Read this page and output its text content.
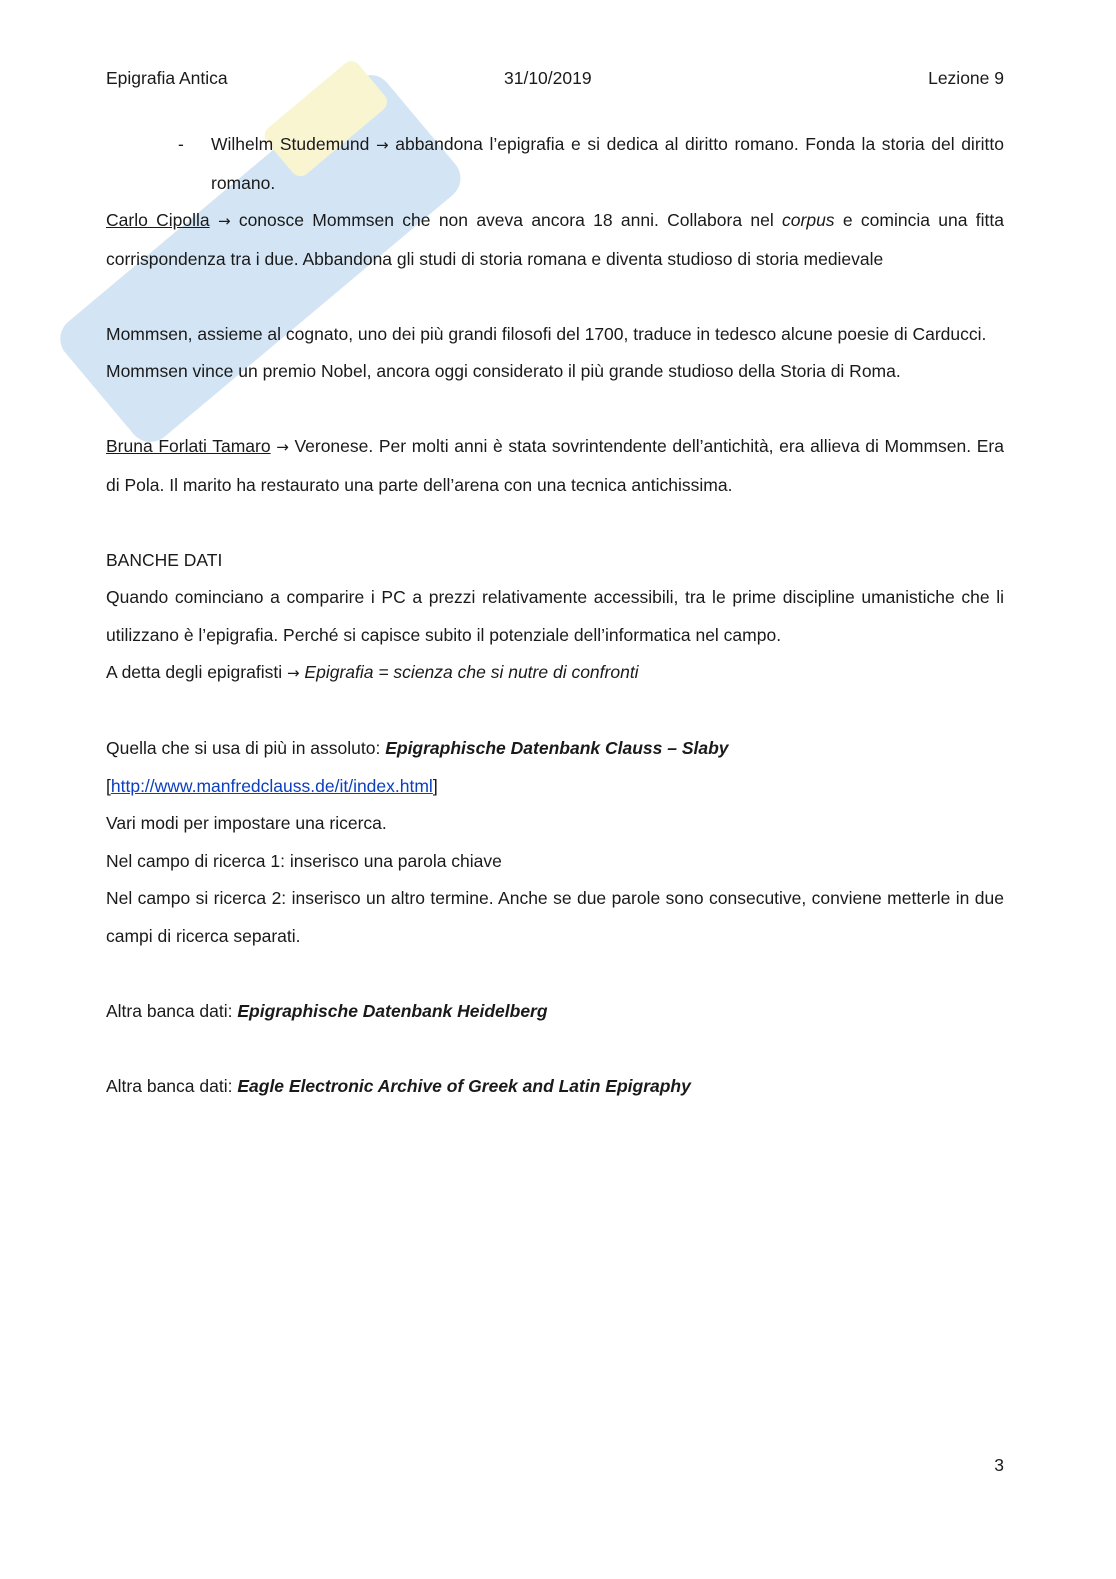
Epigrafia Antica	31/10/2019	Lezione 9

- Wilhelm Studemund → abbandona l’epigrafia e si dedica al diritto romano. Fonda la storia del diritto romano.

Carlo Cipolla → conosce Mommsen che non aveva ancora 18 anni. Collabora nel corpus e comincia una fitta corrispondenza tra i due. Abbandona gli studi di storia romana e diventa studioso di storia medievale

Mommsen, assieme al cognato, uno dei più grandi filosofi del 1700, traduce in tedesco alcune poesie di Carducci.

Mommsen vince un premio Nobel, ancora oggi considerato il più grande studioso della Storia di Roma.

Bruna Forlati Tamaro → Veronese. Per molti anni è stata sovrintendente dell’antichità, era allieva di Mommsen. Era di Pola. Il marito ha restaurato una parte dell’arena con una tecnica antichissima.

BANCHE DATI

Quando cominciano a comparire i PC a prezzi relativamente accessibili, tra le prime discipline umanistiche che li utilizzano è l’epigrafia. Perché si capisce subito il potenziale dell’informatica nel campo.

A detta degli epigrafisti → Epigrafia = scienza che si nutre di confronti

Quella che si usa di più in assoluto: Epigraphische Datenbank Clauss – Slaby

[http://www.manfredclauss.de/it/index.html]

Vari modi per impostare una ricerca.

Nel campo di ricerca 1: inserisco una parola chiave

Nel campo si ricerca 2: inserisco un altro termine. Anche se due parole sono consecutive, conviene metterle in due campi di ricerca separati.

Altra banca dati: Epigraphische Datenbank Heidelberg

Altra banca dati: Eagle Electronic Archive of Greek and Latin Epigraphy

3
